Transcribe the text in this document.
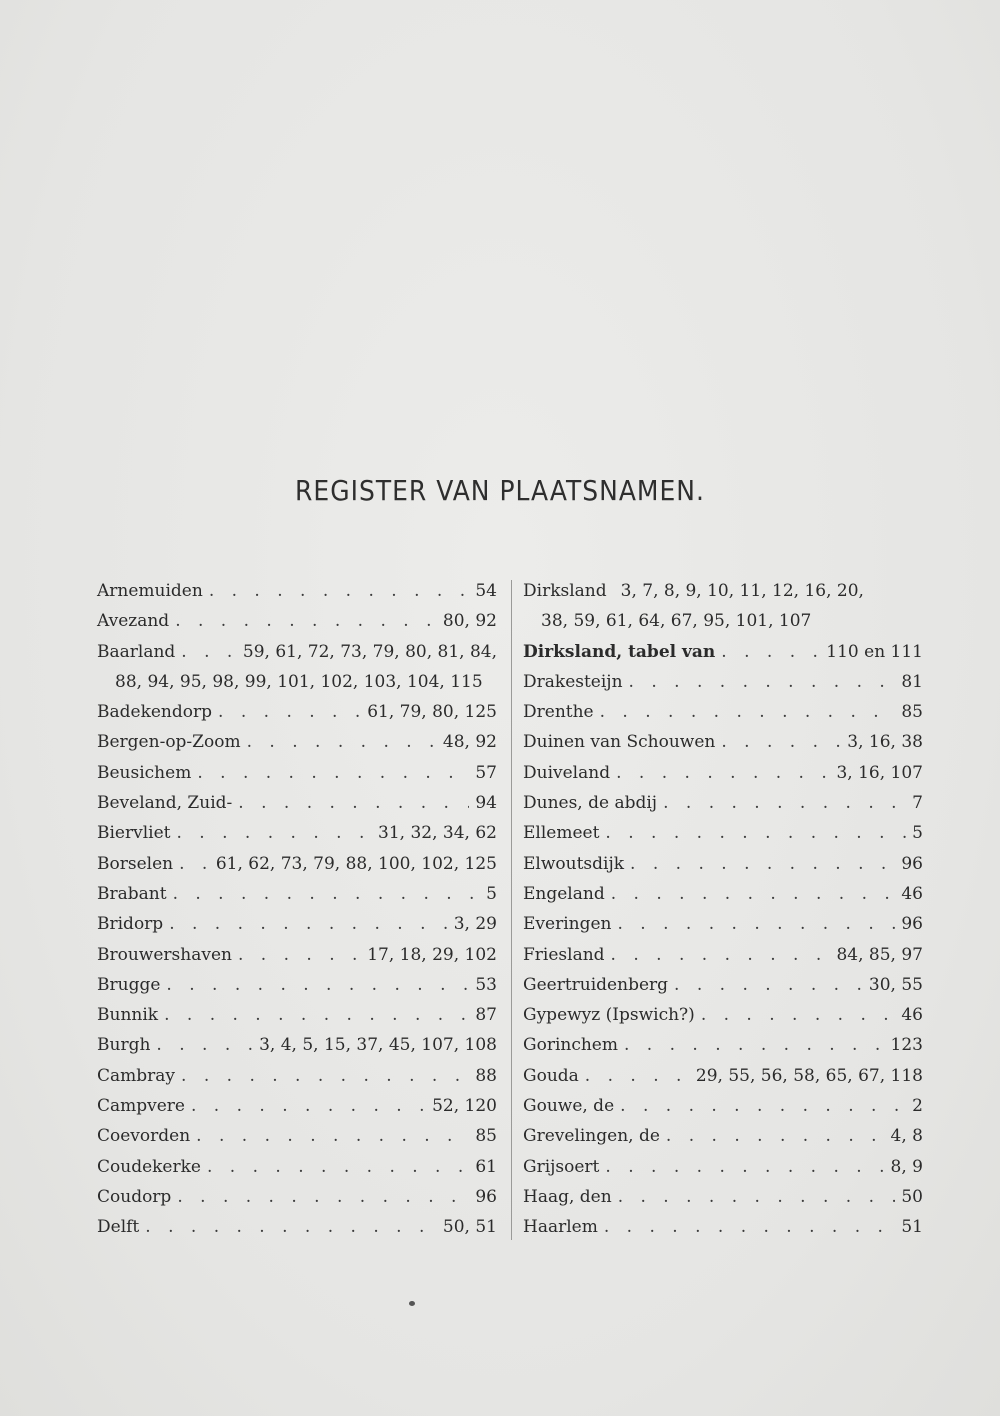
REGISTER VAN PLAATSNAMEN.
Arnemuiden . . .	54
Avezand . . .	80, 92
Baarland . . .	59, 61, 72, 73, 79, 80, 81, 84,
88, 94, 95, 98, 99, 101, 102, 103, 104, 115
Badekendorp . . .	61, 79, 80, 125
Bergen-op-Zoom . . .	48, 92
Beusichem . . .	57
Beveland, Zuid- . . .	94
Biervliet . . .	31, 32, 34, 62
Borselen . . .	61, 62, 73, 79, 88, 100, 102, 125
Brabant . . .	5
Bridorp . . .	3, 29
Brouwershaven . . .	17, 18, 29, 102
Brugge . . .	53
Bunnik . . .	87
Burgh . . .	3, 4, 5, 15, 37, 45, 107, 108
Cambray . . .	88
Campvere . . .	52, 120
Coevorden . . .	85
Coudekerke . . .	61
Coudorp . . .	96
Delft . . .	50, 51
Dirksland 3, 7, 8, 9, 10, 11, 12, 16, 20,
38, 59, 61, 64, 67, 95, 101, 107
Dirksland, tabel van . . .	110 en 111
Drakesteijn . . .	81
Drenthe . . .	85
Duinen van Schouwen . . .	3, 16, 38
Duiveland . . .	3, 16, 107
Dunes, de abdij . . .	7
Ellemeet . . .	5
Elwoutsdijk . . .	96
Engeland . . .	46
Everingen . . .	96
Friesland . . .	84, 85, 97
Geertruidenberg . . .	30, 55
Gypewyz (Ipswich?) . . .	46
Gorinchem . . .	123
Gouda . . .	29, 55, 56, 58, 65, 67, 118
Gouwe, de . . .	2
Grevelingen, de . . .	4, 8
Grijsoert . . .	8, 9
Haag, den . . .	50
Haarlem . . .	51
